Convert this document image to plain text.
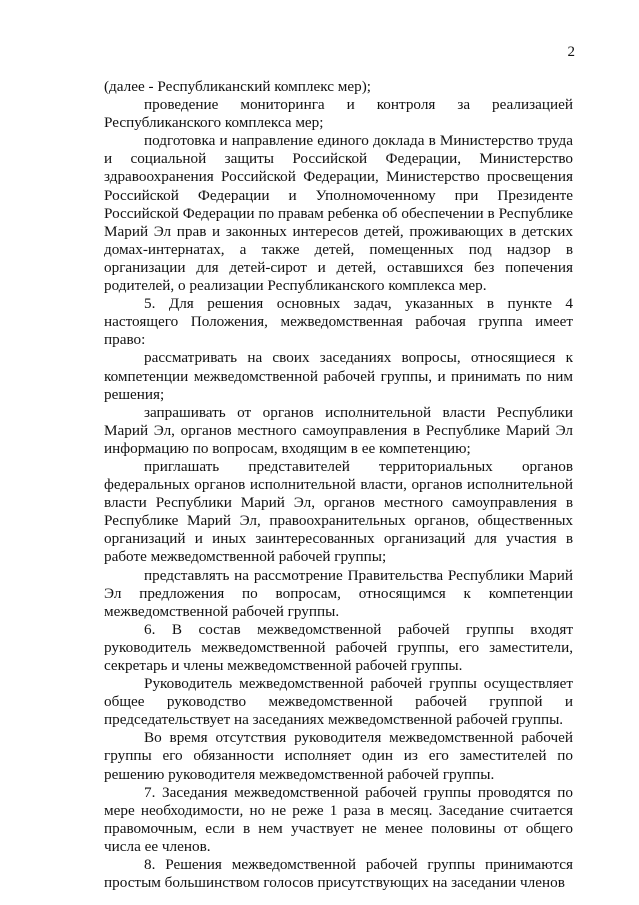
2

(далее - Республиканский комплекс мер);

проведение мониторинга и контроля за реализацией Республиканского комплекса мер;

подготовка и направление единого доклада в Министерство труда и социальной защиты Российской Федерации, Министерство здравоохранения Российской Федерации, Министерство просвещения Российской Федерации и Уполномоченному при Президенте Российской Федерации по правам ребенка об обеспечении в Республике Марий Эл прав и законных интересов детей, проживающих в детских домах-интернатах, а также детей, помещенных под надзор в организации для детей-сирот и детей, оставшихся без попечения родителей, о реализации Республиканского комплекса мер.

5. Для решения основных задач, указанных в пункте 4 настоящего Положения, межведомственная рабочая группа имеет право:

рассматривать на своих заседаниях вопросы, относящиеся к компетенции межведомственной рабочей группы, и принимать по ним решения;

запрашивать от органов исполнительной власти Республики Марий Эл, органов местного самоуправления в Республике Марий Эл информацию по вопросам, входящим в ее компетенцию;

приглашать представителей территориальных органов федеральных органов исполнительной власти, органов исполнительной власти Республики Марий Эл, органов местного самоуправления в Республике Марий Эл, правоохранительных органов, общественных организаций и иных заинтересованных организаций для участия в работе межведомственной рабочей группы;

представлять на рассмотрение Правительства Республики Марий Эл предложения по вопросам, относящимся к компетенции межведомственной рабочей группы.

6. В состав межведомственной рабочей группы входят руководитель межведомственной рабочей группы, его заместители, секретарь и члены межведомственной рабочей группы.

Руководитель межведомственной рабочей группы осуществляет общее руководство межведомственной рабочей группой и председательствует на заседаниях межведомственной рабочей группы.

Во время отсутствия руководителя межведомственной рабочей группы его обязанности исполняет один из его заместителей по решению руководителя межведомственной рабочей группы.

7. Заседания межведомственной рабочей группы проводятся по мере необходимости, но не реже 1 раза в месяц. Заседание считается правомочным, если в нем участвует не менее половины от общего числа ее членов.

8. Решения межведомственной рабочей группы принимаются простым большинством голосов присутствующих на заседании членов
